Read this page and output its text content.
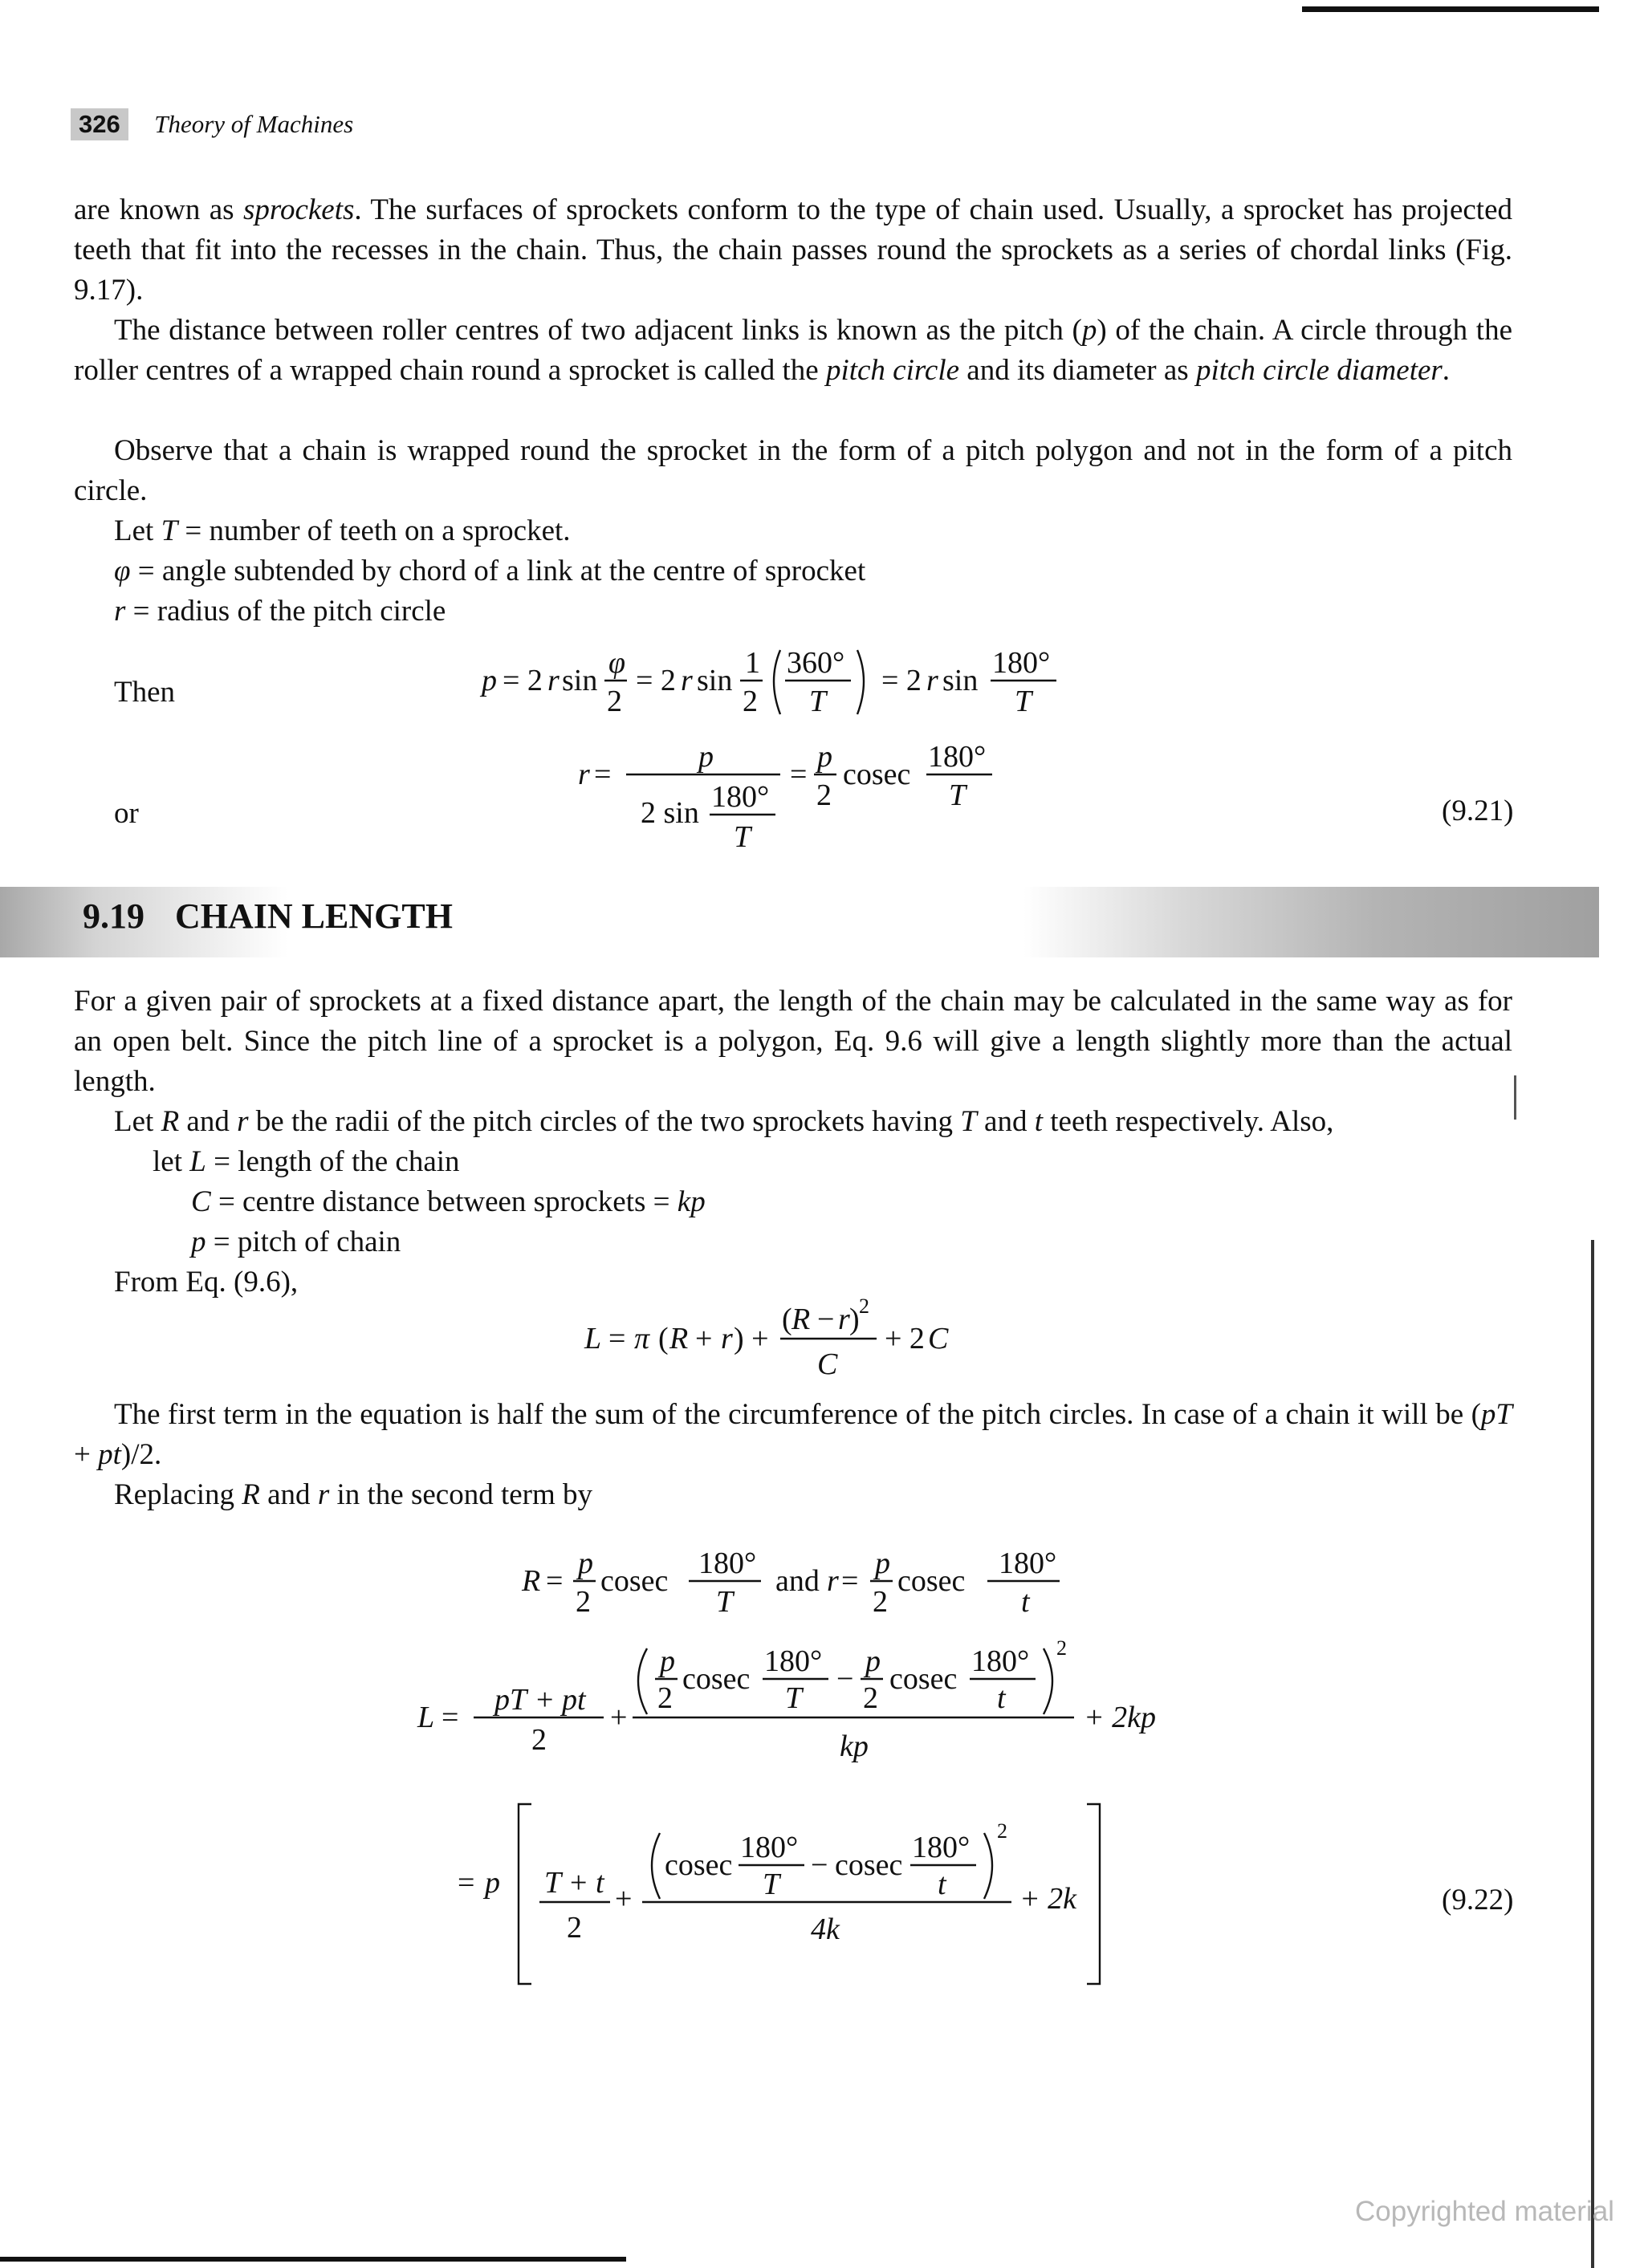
326 Theory of Machines
are known as sprockets. The surfaces of sprockets conform to the type of chain used. Usually, a sprocket has projected teeth that fit into the recesses in the chain. Thus, the chain passes round the sprockets as a series of chordal links (Fig. 9.17).
The distance between roller centres of two adjacent links is known as the pitch (p) of the chain. A circle through the roller centres of a wrapped chain round a sprocket is called the pitch circle and its diameter as pitch circle diameter.
Observe that a chain is wrapped round the sprocket in the form of a pitch polygon and not in the form of a pitch circle.
Let T = number of teeth on a sprocket.
φ = angle subtended by chord of a link at the centre of sprocket
r = radius of the pitch circle
Then	p = 2 r sin
φ
2
= 2 r sin
1
2
360°
T
= 2 r sin
180°
T
or
r =
p
2 sin 180°
T
=
p
2
cosec
180°
T	(9.21)
9.19 CHAIN LENGTH
For a given pair of sprockets at a fixed distance apart, the length of the chain may be calculated in the same way as for an open belt. Since the pitch line of a sprocket is a polygon, Eq. 9.6 will give a length slightly more than the actual length.
Let R and r be the radii of the pitch circles of the two sprockets having T and t teeth respectively. Also,
let L = length of the chain
C = centre distance between sprockets = kp
p = pitch of chain
From Eq. (9.6),
L = π ( R + r ) +
( R − r ) 2
C
+ 2 C
The first term in the equation is half the sum of the circumference of the pitch circles. In case of a chain it will be (pT + pt)/2.
Replacing R and r in the second term by
R =
p
2
cosec
180°
T
and r =
p
2
cosec
180°
t
L =
pT + pt
2
+
p
2
cosec
180°
T
−
p
2
cosec
180°
t
2
kp
+ 2kp
= p T + t
2
+
cosec
180°
T
− cosec
180°
t
2
4k
+ 2k	(9.22)
Copyrighted material
